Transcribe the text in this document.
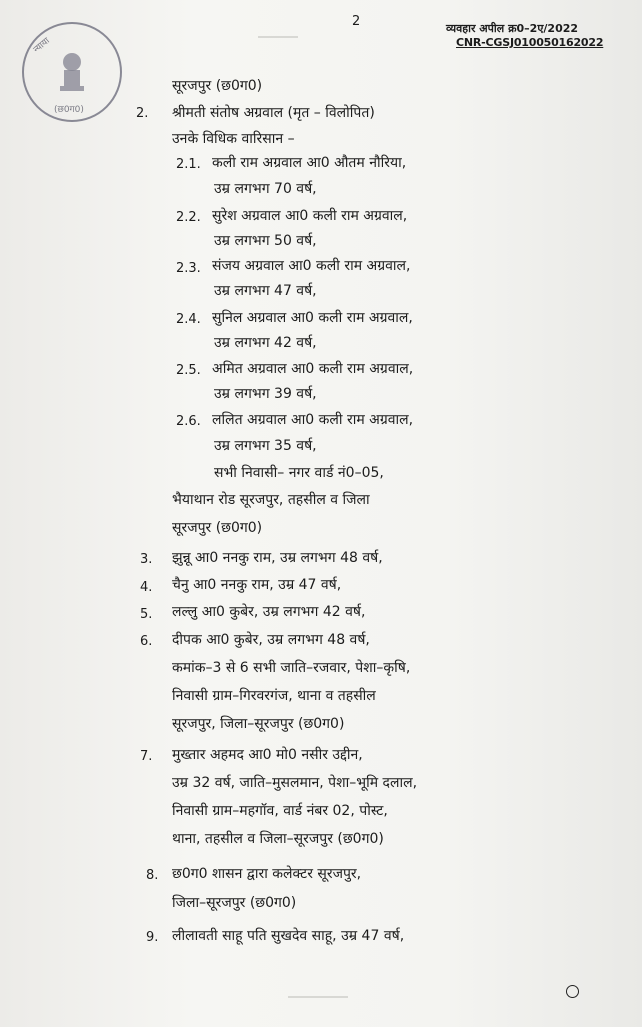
न्याया
(छ0ग0)
2	व्यवहार अपील क्र0–2ए/2022
CNR-CGSJ010050162022
सूरजपुर (छ0ग0)
2. श्रीमती संतोष अग्रवाल (मृत – विलोपित)
उनके विधिक वारिसान –
2.1. कली राम अग्रवाल आ0 औतम नौरिया,
उम्र लगभग 70 वर्ष,
2.2. सुरेश अग्रवाल आ0 कली राम अग्रवाल,
उम्र लगभग 50 वर्ष,
2.3. संजय अग्रवाल आ0 कली राम अग्रवाल,
उम्र लगभग 47 वर्ष,
2.4. सुनिल अग्रवाल आ0 कली राम अग्रवाल,
उम्र लगभग 42 वर्ष,
2.5. अमित अग्रवाल आ0 कली राम अग्रवाल,
उम्र लगभग 39 वर्ष,
2.6. ललित अग्रवाल आ0 कली राम अग्रवाल,
उम्र लगभग 35 वर्ष,
सभी निवासी– नगर वार्ड नं0–05,
भैयाथान रोड सूरजपुर, तहसील व जिला
सूरजपुर (छ0ग0)
3. झुन्नू आ0 ननकु राम, उम्र लगभग 48 वर्ष,
4. चैनु आ0 ननकु राम, उम्र 47 वर्ष,
5. लल्लु आ0 कुबेर, उम्र लगभग 42 वर्ष,
6. दीपक आ0 कुबेर, उम्र लगभग 48 वर्ष,
कमांक–3 से 6 सभी जाति–रजवार, पेशा–कृषि,
निवासी ग्राम–गिरवरगंज, थाना व तहसील
सूरजपुर, जिला–सूरजपुर (छ0ग0)
7. मुख्तार अहमद आ0 मो0 नसीर उद्दीन,
उम्र 32 वर्ष, जाति–मुसलमान, पेशा–भूमि दलाल,
निवासी ग्राम–महगॉव, वार्ड नंबर 02, पोस्ट,
थाना, तहसील व जिला–सूरजपुर (छ0ग0)
8. छ0ग0 शासन द्वारा कलेक्टर सूरजपुर,
जिला–सूरजपुर (छ0ग0)
9. लीलावती साहू पति सुखदेव साहू, उम्र 47 वर्ष,
